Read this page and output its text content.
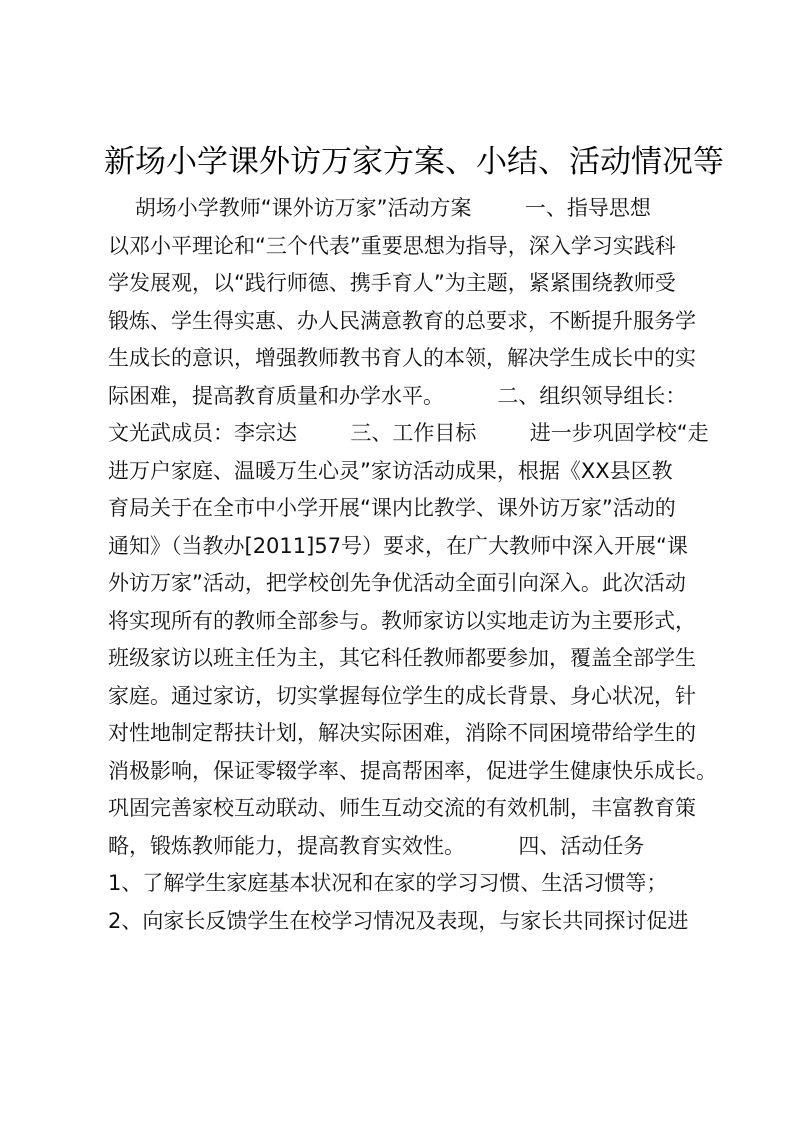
新场小学课外访万家方案、小结、活动情况等
胡场小学教师“课外访万家”活动方案        一、指导思想
以邓小平理论和“三个代表”重要思想为指导，深入学习实践科
学发展观，以“践行师德、携手育人”为主题，紧紧围绕教师受
锻炼、学生得实惠、办人民满意教育的总要求，不断提升服务学
生成长的意识，增强教师教书育人的本领，解决学生成长中的实
际困难，提高教育质量和办学水平。        二、组织领导组长：
文光武成员：李宗达        三、工作目标        进一步巩固学校“走
进万户家庭、温暖万生心灵”家访活动成果，根据《XX县区教
育局关于在全市中小学开展“课内比教学、课外访万家”活动的
通知》（当教办[2011]57号）要求，在广大教师中深入开展“课
外访万家”活动，把学校创先争优活动全面引向深入。此次活动
将实现所有的教师全部参与。教师家访以实地走访为主要形式，
班级家访以班主任为主，其它科任教师都要参加，覆盖全部学生
家庭。通过家访，切实掌握每位学生的成长背景、身心状况，针
对性地制定帮扶计划，解决实际困难，消除不同困境带给学生的
消极影响，保证零辍学率、提高帮困率，促进学生健康快乐成长。
巩固完善家校互动联动、师生互动交流的有效机制，丰富教育策
略，锻炼教师能力，提高教育实效性。        四、活动任务
1、了解学生家庭基本状况和在家的学习习惯、生活习惯等；
2、向家长反馈学生在校学习情况及表现，与家长共同探讨促进
